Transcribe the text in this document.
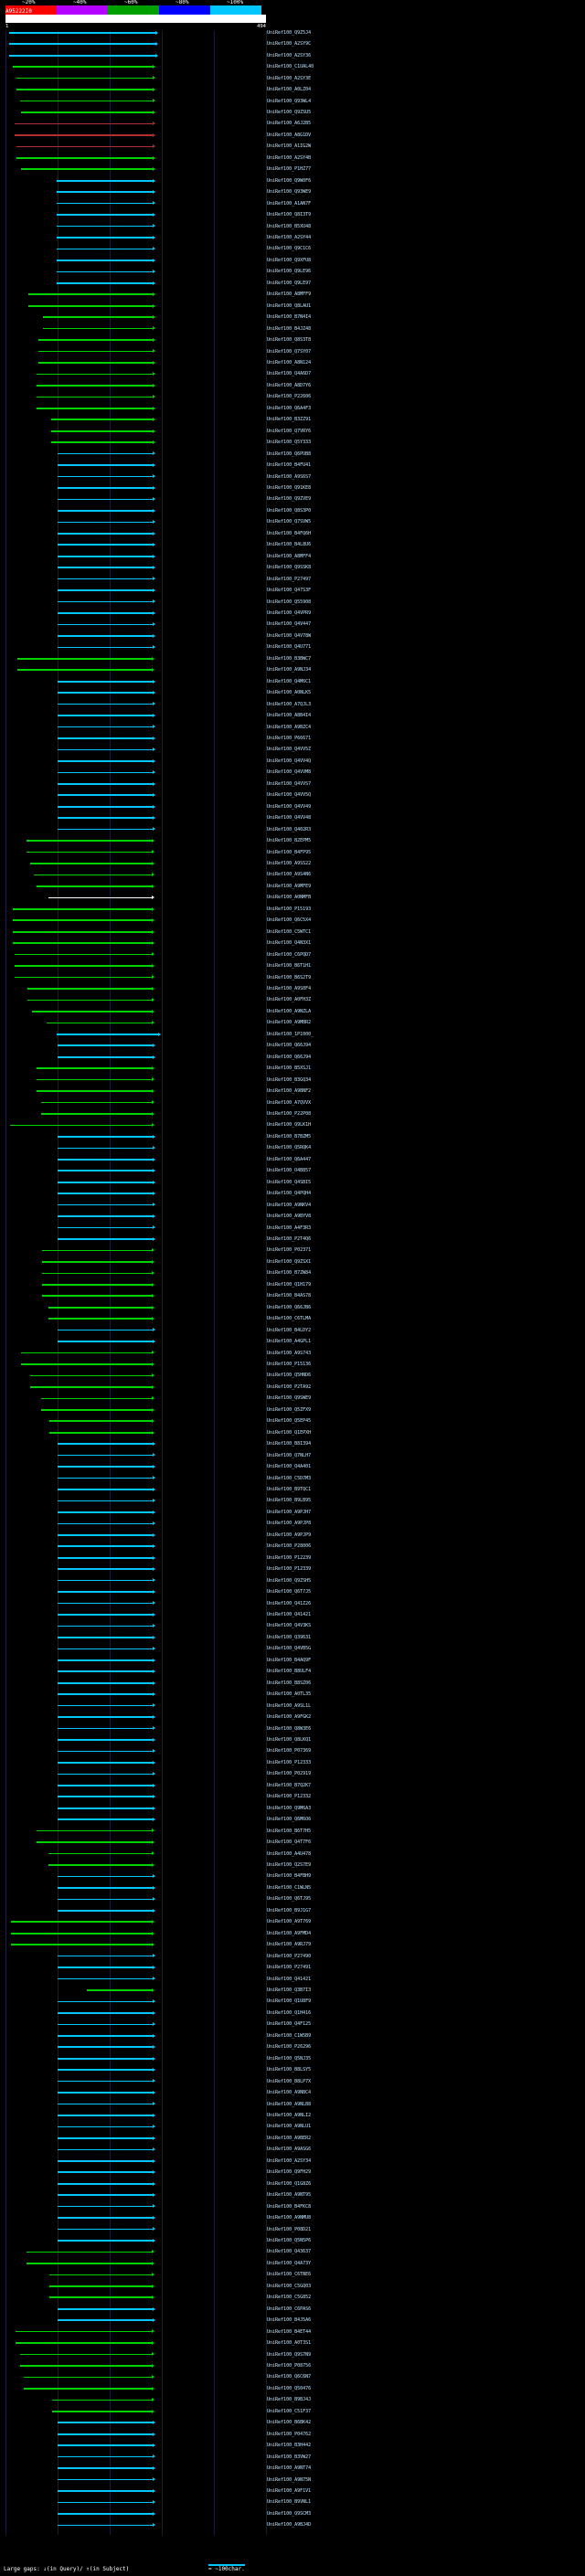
~20%	~40%	~60%	~80%	~100%
A95222I0
1	494
UniRef100_Q9Z5J4
UniRef100_A2SY9C
UniRef100_A2SY36
UniRef100_C1UAL40
UniRef100_A2SY3E
UniRef100_A0LZ04
UniRef100_Q93WL4
UniRef100_Q9ZSU5
UniRef100_A6J2B5
UniRef100_A8G1DV
UniRef100_A1IG2W
UniRef100_A2SY4B
UniRef100_P1HZ77
UniRef100_Q9W0F6
UniRef100_Q93WE9
UniRef100_A1AN7F
UniRef100_Q8I3T9
UniRef100_B5XU48
UniRef100_A2SY44
UniRef100_Q9C1C6
UniRef100_Q9XFU8
UniRef100_Q9LE96
UniRef100_Q9LE97
UniRef100_A8MFF9
UniRef100_Q8LAU1
UniRef100_B7N4I4
UniRef100_B4JZ48
UniRef100_Q8S3T8
UniRef100_Q7SY07
UniRef100_A8N124
UniRef100_Q4A6D7
UniRef100_A8D7Y6
UniRef100_P22606
UniRef100_Q6A4F3
UniRef100_B3ZZ91
UniRef100_Q7VRY6
UniRef100_Q5Y333
UniRef100_Q6PUB8
UniRef100_B4FU41
UniRef100_A9S6S7
UniRef100_Q91KE8
UniRef100_Q9ZVE9
UniRef100_Q8S3P0
UniRef100_Q7SVW5
UniRef100_B4FQ6H
UniRef100_B4L8U6
UniRef100_A8MFF4
UniRef100_Q9SSK8
UniRef100_P27497
UniRef100_Q47S3F
UniRef100_Q55908
UniRef100_Q4VPR9
UniRef100_Q4V447
UniRef100_Q4V78W
UniRef100_Q4U771
UniRef100_B3BWC7
UniRef100_A9NJ34
UniRef100_Q4M6C1
UniRef100_A0NLK5
UniRef100_A7QJL3
UniRef100_A8B4I4
UniRef100_A9BZC4
UniRef100_P66671
UniRef100_Q4VV5Z
UniRef100_Q4VV4Q
UniRef100_Q4VVM8
UniRef100_Q4VVS7
UniRef100_Q4VV5Q
UniRef100_Q4VV49
UniRef100_Q4VV48
UniRef100_Q402R3
UniRef100_B2EPM5
UniRef100_B4FP95
UniRef100_A9SS22
UniRef100_A9S4N6
UniRef100_A9MFE9
UniRef100_A0NMFB
UniRef100_P15193
UniRef100_Q6C5X4
UniRef100_C5WTC1
UniRef100_Q4N3X1
UniRef100_C6PQD7
UniRef100_B6T1H1
UniRef100_B6S2T9
UniRef100_A9S0F4
UniRef100_A0FH3Z
UniRef100_A9NZLA
UniRef100_A9MBR2
UniRef100_1P1000_
UniRef100_Q66J94
UniRef100_Q66J94
UniRef100_B5XSJ1
UniRef100_B3GQ34
UniRef100_A9BNF2
UniRef100_A7QVVX
UniRef100_P22P08
UniRef100_Q9LK1H
UniRef100_B7BZM5
UniRef100_Q5RQK4
UniRef100_Q6A447
UniRef100_O4B857
UniRef100_Q4SBI5
UniRef100_Q4PQH4
UniRef100_A9NKV4
UniRef100_A9BYV8
UniRef100_A4F3R3
UniRef100_P2T4Q6
UniRef100_P02371
UniRef100_Q9ZSX1
UniRef100_B7ZW84
UniRef100_Q1H179
UniRef100_B4AS78
UniRef100_Q66JB6
UniRef100_C6TLMA
UniRef100_B4LDY2
UniRef100_A4GPL1
UniRef100_A9S743
UniRef100_P15136
UniRef100_Q5HND6
UniRef100_P2TA92
UniRef100_Q9SWE9
UniRef100_Q5ZFX9
UniRef100_Q5EP45
UniRef100_Q1EPXH
UniRef100_B8I394
UniRef100_Q7NLH7
UniRef100_Q4A401
UniRef100_C5D7M3
UniRef100_B9TQC1
UniRef100_B9LB95
UniRef100_A9PJH7
UniRef100_A9PJP8
UniRef100_A9PJP9
UniRef100_P28006
UniRef100_P12239
UniRef100_P12339
UniRef100_Q9ZSH5
UniRef100_Q6T7J5
UniRef100_Q41Z26
UniRef100_Q41421
UniRef100_Q4V3KS
UniRef100_Q39631
UniRef100_Q4VB5G
UniRef100_B4AQ9F
UniRef100_B8ULF4
UniRef100_B8SZ06
UniRef100_A0TL35
UniRef100_A9SL1L
UniRef100_A9FGK2
UniRef100_Q8W3E6
UniRef100_Q8LKQ1
UniRef100_P07369
UniRef100_P12333
UniRef100_P02919
UniRef100_B7Q2K7
UniRef100_P12332
UniRef100_Q9M6A3
UniRef100_Q6M6O6
UniRef100_B6T7H5
UniRef100_Q4T7F6
UniRef100_A4U478
UniRef100_Q2S7E9
UniRef100_B4FBH9
UniRef100_C1WLN5
UniRef100_Q6TJ95
UniRef100_B9J1G7
UniRef100_A9T769
UniRef100_A9FMD4
UniRef100_A9RJ79
UniRef100_P27490
UniRef100_P27491
UniRef100_Q41421
UniRef100_Q3B7I3
UniRef100_Q1U8F9
UniRef100_Q1H416
UniRef100_Q4F125
UniRef100_C1W5B9
UniRef100_P26296
UniRef100_Q5NJ35
UniRef100_B8LSY5
UniRef100_B8LP7X
UniRef100_A9NBC4
UniRef100_A9NLB8
UniRef100_A9NLI2
UniRef100_A9NLU1
UniRef100_A9BER2
UniRef100_A9ASG6
UniRef100_A2SY34
UniRef100_Q9FH29
UniRef100_Q1G8Z6
UniRef100_A9NT95
UniRef100_B4FKC8
UniRef100_A9NMU8
UniRef100_P08D21
UniRef100_Q5N5P6
UniRef100_Q43637
UniRef100_Q4A73Y
UniRef100_C6TNE6
UniRef100_C5GQ03
UniRef100_C5G852
UniRef100_C6PAS6
UniRef100_B4J5A6
UniRef100_B4ET44
UniRef100_A0T3S1
UniRef100_Q9S7N9
UniRef100_P08756
UniRef100_Q6C6N7
UniRef100_Q50476
UniRef100_B9BJ4J
UniRef100_C51F37
UniRef100_B6BK42
UniRef100_P04762
UniRef100_B3H442
UniRef100_B3VW27
UniRef100_A9NT74
UniRef100_A9N75N
UniRef100_A9F1V1
UniRef100_B9VNL1
UniRef100_Q9SCM3
UniRef100_A9BJ4D
Large gaps: ↓(in Query)/ ↑(in Subject)	= ~100char.
